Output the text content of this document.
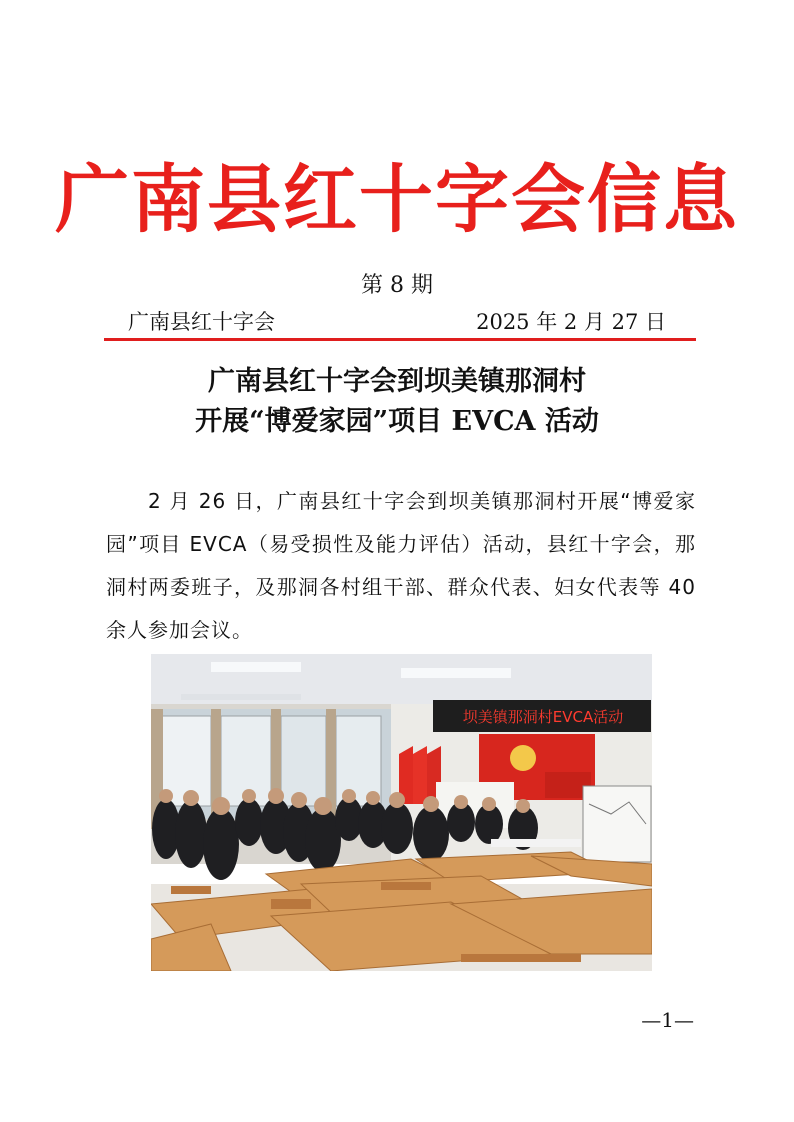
广南县红十字会信息
第 8 期
广南县红十字会	2025 年 2 月 27 日
广南县红十字会到坝美镇那洞村
开展“博爱家园”项目 EVCA 活动
2 月 26 日，广南县红十字会到坝美镇那洞村开展“博爱家园”项目 EVCA（易受损性及能力评估）活动，县红十字会，那洞村两委班子，及那洞各村组干部、群众代表、妇女代表等 40 余人参加会议。
坝美镇那洞村EVCA活动
—1—
